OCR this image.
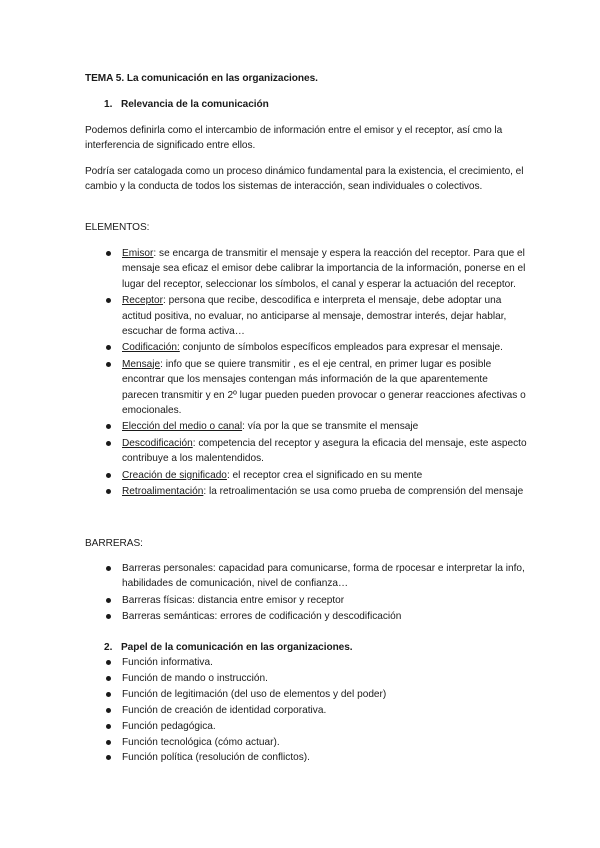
TEMA 5. La comunicación en las organizaciones.
1. Relevancia de la comunicación
Podemos definirla como el intercambio de información entre el emisor y el receptor, así cmo la interferencia de significado entre ellos.
Podría ser catalogada como un proceso dinámico fundamental para la existencia, el crecimiento, el cambio y la conducta de todos los sistemas de interacción, sean individuales o colectivos.
ELEMENTOS:
Emisor: se encarga de transmitir el mensaje y espera la reacción del receptor. Para que el mensaje sea eficaz el emisor debe calibrar la importancia de la información, ponerse en el lugar del receptor, seleccionar los símbolos, el canal y esperar la actuación del receptor.
Receptor: persona que recibe, descodifica e interpreta el mensaje, debe adoptar una actitud positiva, no evaluar, no anticiparse al mensaje, demostrar interés, dejar hablar, escuchar de forma activa…
Codificación: conjunto de símbolos específicos empleados para expresar el mensaje.
Mensaje: info que se quiere transmitir , es el eje central, en primer lugar es posible encontrar que los mensajes contengan más información de la que aparentemente parecen transmitir y en 2º lugar pueden pueden provocar o generar reacciones afectivas o emocionales.
Elección del medio o canal: vía por la que se transmite el mensaje
Descodificación: competencia del receptor y asegura la eficacia del mensaje, este aspecto contribuye a los malentendidos.
Creación de significado: el receptor crea el significado en su mente
Retroalimentación: la retroalimentación se usa como prueba de comprensión del mensaje
BARRERAS:
Barreras personales: capacidad para comunicarse, forma de rpocesar e interpretar la info, habilidades de comunicación, nivel de confianza…
Barreras físicas: distancia entre emisor y receptor
Barreras semánticas: errores de codificación y descodificación
2. Papel de la comunicación en las organizaciones.
Función informativa.
Función de mando o instrucción.
Función de legitimación (del uso de elementos y del poder)
Función de creación de identidad corporativa.
Función pedagógica.
Función tecnológica (cómo actuar).
Función política (resolución de conflictos).
